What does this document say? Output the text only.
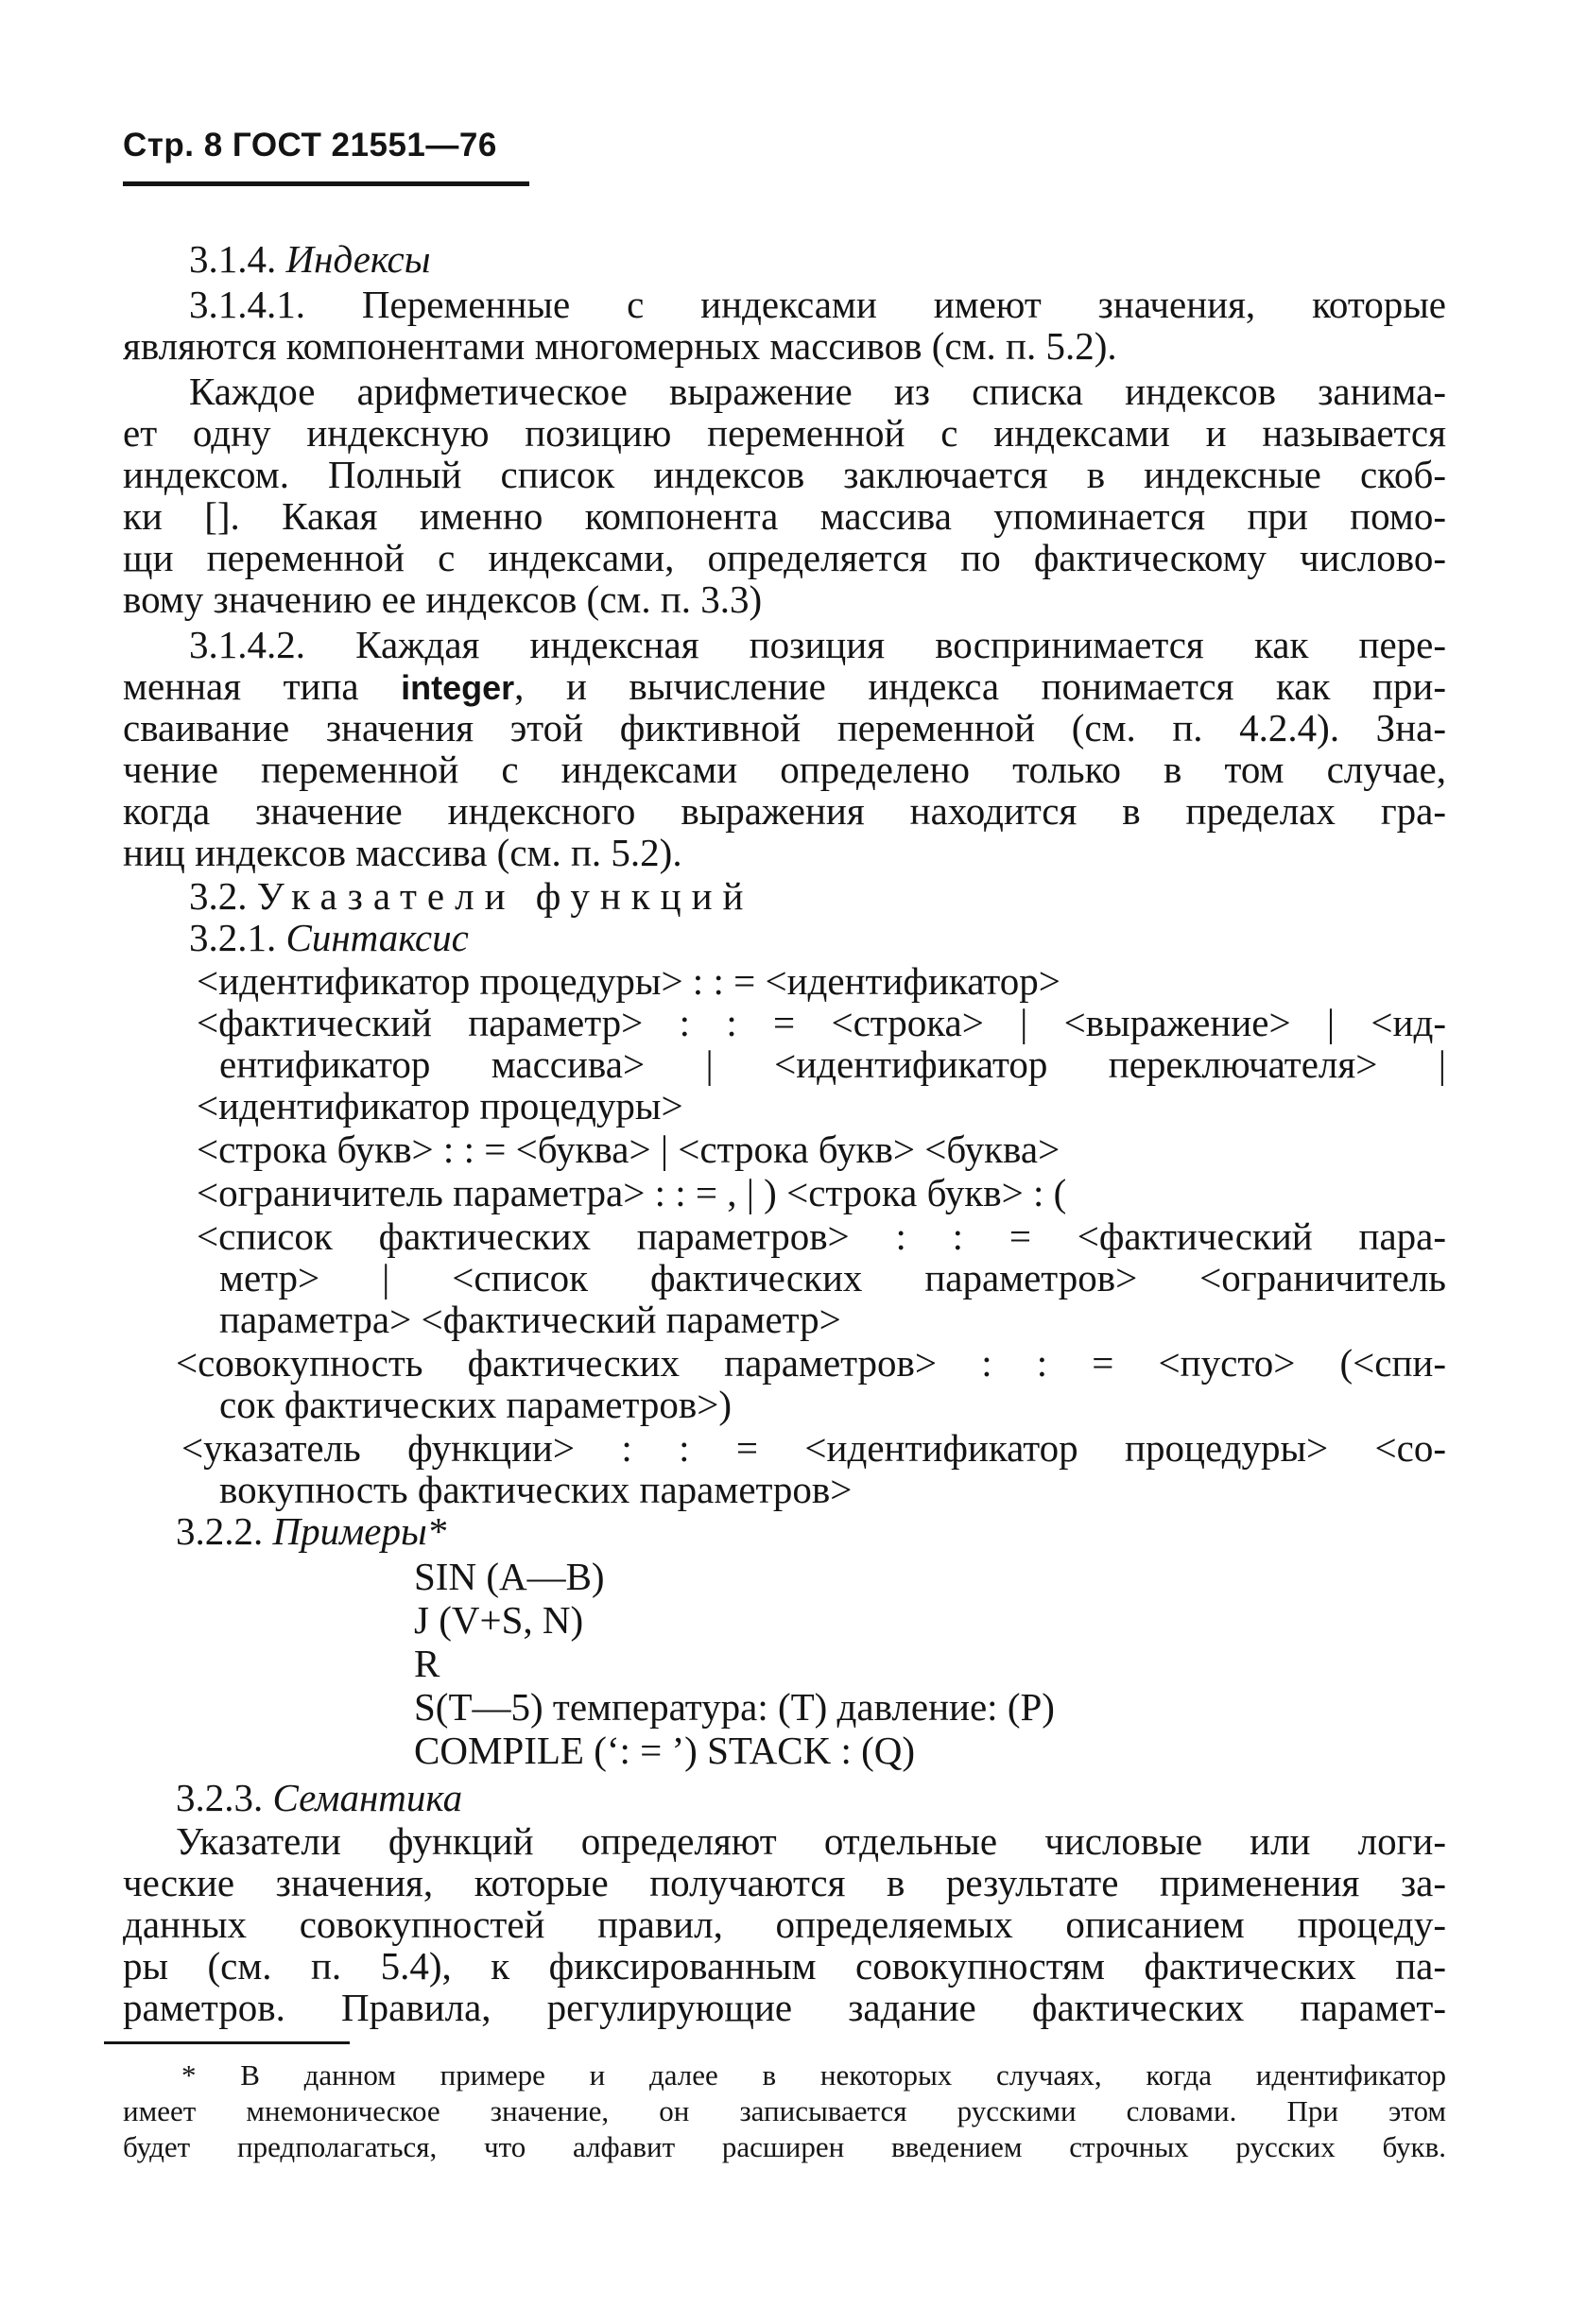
Стр. 8 ГОСТ 21551—76
3.1.4. Индексы
3.1.4.1. Переменные с индексами имеют значения, которые
являются компонентами многомерных массивов (см. п. 5.2).
Каждое арифметическое выражение из списка индексов занима-
ет одну индексную позицию переменной с индексами и называется
индексом. Полный список индексов заключается в индексные скоб-
ки []. Какая именно компонента массива упоминается при помо-
щи переменной с индексами, определяется по фактическому числово-
вому значению ее индексов (см. п. 3.3)
3.1.4.2. Каждая индексная позиция воспринимается как пере-
менная типа integer, и вычисление индекса понимается как при-
сваивание значения этой фиктивной переменной (см. п. 4.2.4). Зна-
чение переменной с индексами определено только в том случае,
когда значение индексного выражения находится в пределах гра-
ниц индексов массива (см. п. 5.2).
3.2. Указатели функций
3.2.1. Синтаксис
<идентификатор процедуры> : : = <идентификатор>
<фактический параметр> : : = <строка> | <выражение> | <ид-
ентификатор массива> | <идентификатор переключателя> |
<идентификатор процедуры>
<строка букв> : : = <буква> | <строка букв> <буква>
<ограничитель параметра> : : = , | ) <строка букв> : (
<список фактических параметров> : : = <фактический пара-
метр> | <список фактических параметров> <ограничитель
параметра> <фактический параметр>
<совокупность фактических параметров> : : = <пусто> (<спи-
сок фактических параметров>)
<указатель функции> : : = <идентификатор процедуры> <со-
вокупность фактических параметров>
3.2.2. Примеры*
SIN (A—B)
J (V+S, N)
R
S(T—5) температура: (T) давление: (P)
COMPILE (‘: = ’) STACK : (Q)
3.2.3. Семантика
Указатели функций определяют отдельные числовые или логи-
ческие значения, которые получаются в результате применения за-
данных совокупностей правил, определяемых описанием процеду-
ры (см. п. 5.4), к фиксированным совокупностям фактических па-
раметров. Правила, регулирующие задание фактических парамет-
* В данном примере и далее в некоторых случаях, когда идентификатор
имеет мнемоническое значение, он записывается русскими словами. При этом
будет предполагаться, что алфавит расширен введением строчных русских букв.
